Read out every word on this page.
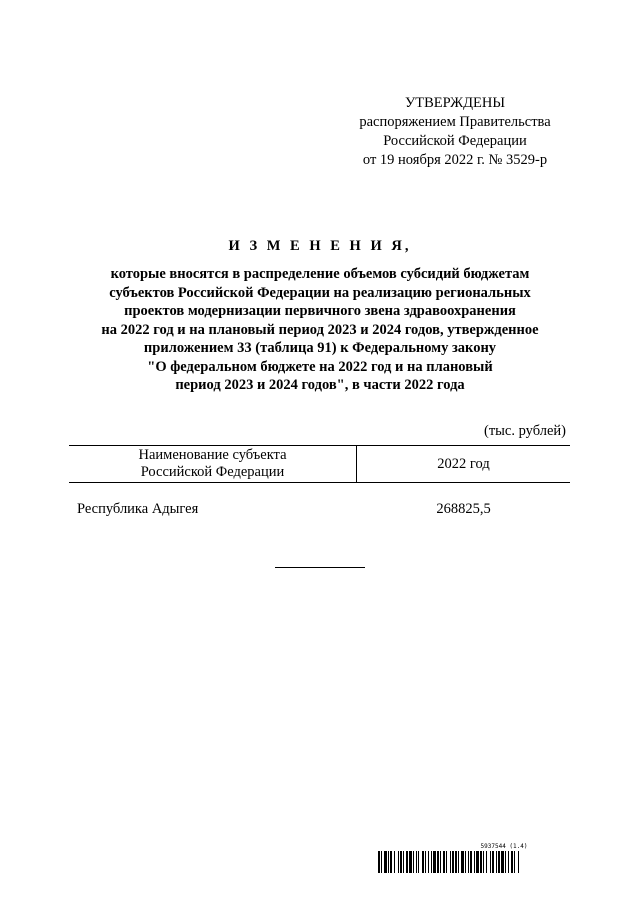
УТВЕРЖДЕНЫ
распоряжением Правительства
Российской Федерации
от 19 ноября 2022 г. № 3529-р
И З М Е Н Е Н И Я,
которые вносятся в распределение объемов субсидий бюджетам
субъектов Российской Федерации на реализацию региональных
проектов модернизации первичного звена здравоохранения
на 2022 год и на плановый период 2023 и 2024 годов, утвержденное
приложением 33 (таблица 91) к Федеральному закону
"О федеральном бюджете на 2022 год и на плановый
период 2023 и 2024 годов", в части 2022 года
(тыс. рублей)
Наименование субъекта
Российской Федерации	2022 год
Республика Адыгея	268825,5
5937544 (1.4)
